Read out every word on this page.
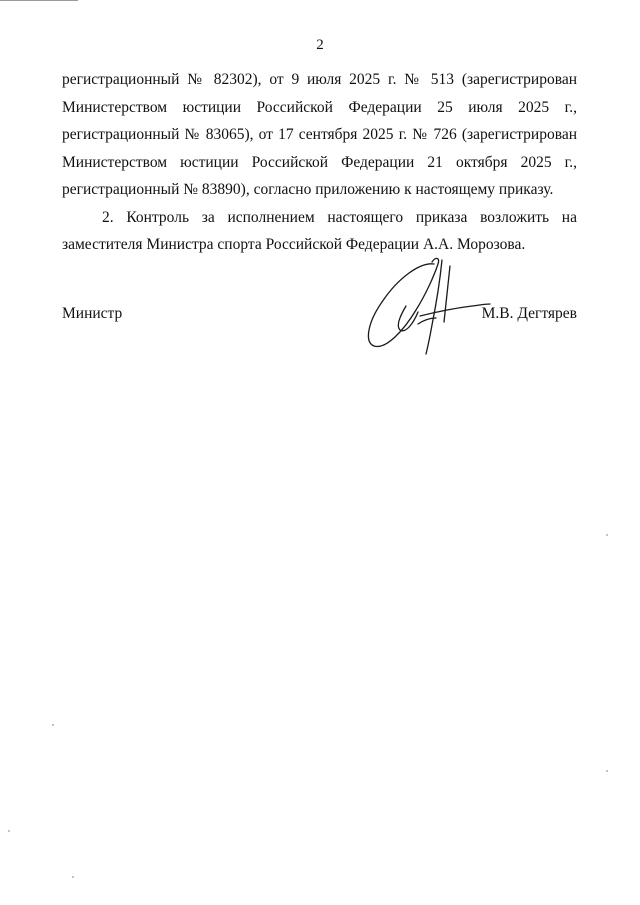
2

регистрационный № 82302), от 9 июля 2025 г. № 513 (зарегистрирован Министерством юстиции Российской Федерации 25 июля 2025 г., регистрационный № 83065), от 17 сентября 2025 г. № 726 (зарегистрирован Министерством юстиции Российской Федерации 21 октября 2025 г., регистрационный № 83890), согласно приложению к настоящему приказу.

2. Контроль за исполнением настоящего приказа возложить на заместителя Министра спорта Российской Федерации А.А. Морозова.

Министр	М.В. Дегтярев
